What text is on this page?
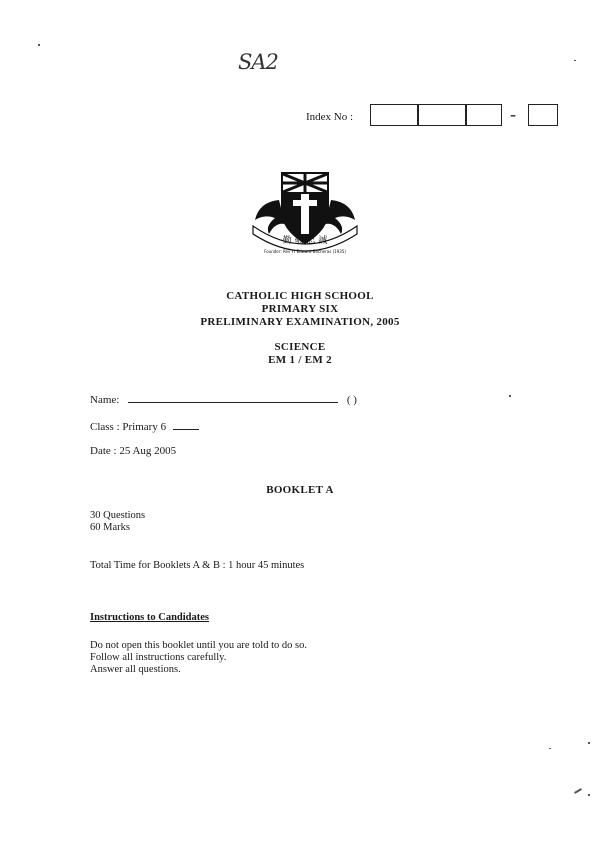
SA2
Index No :	-
勤 敬 忠 誠
Founder: Rev Fr Edward Becheras (1935)
CATHOLIC HIGH SCHOOL
PRIMARY SIX
PRELIMINARY EXAMINATION, 2005
SCIENCE
EM 1 / EM 2
Name:	( )
Class : Primary 6
Date : 25 Aug 2005
BOOKLET A
30 Questions
60 Marks
Total Time for Booklets A & B : 1 hour 45 minutes
Instructions to Candidates
Do not open this booklet until you are told to do so.
Follow all instructions carefully.
Answer all questions.
